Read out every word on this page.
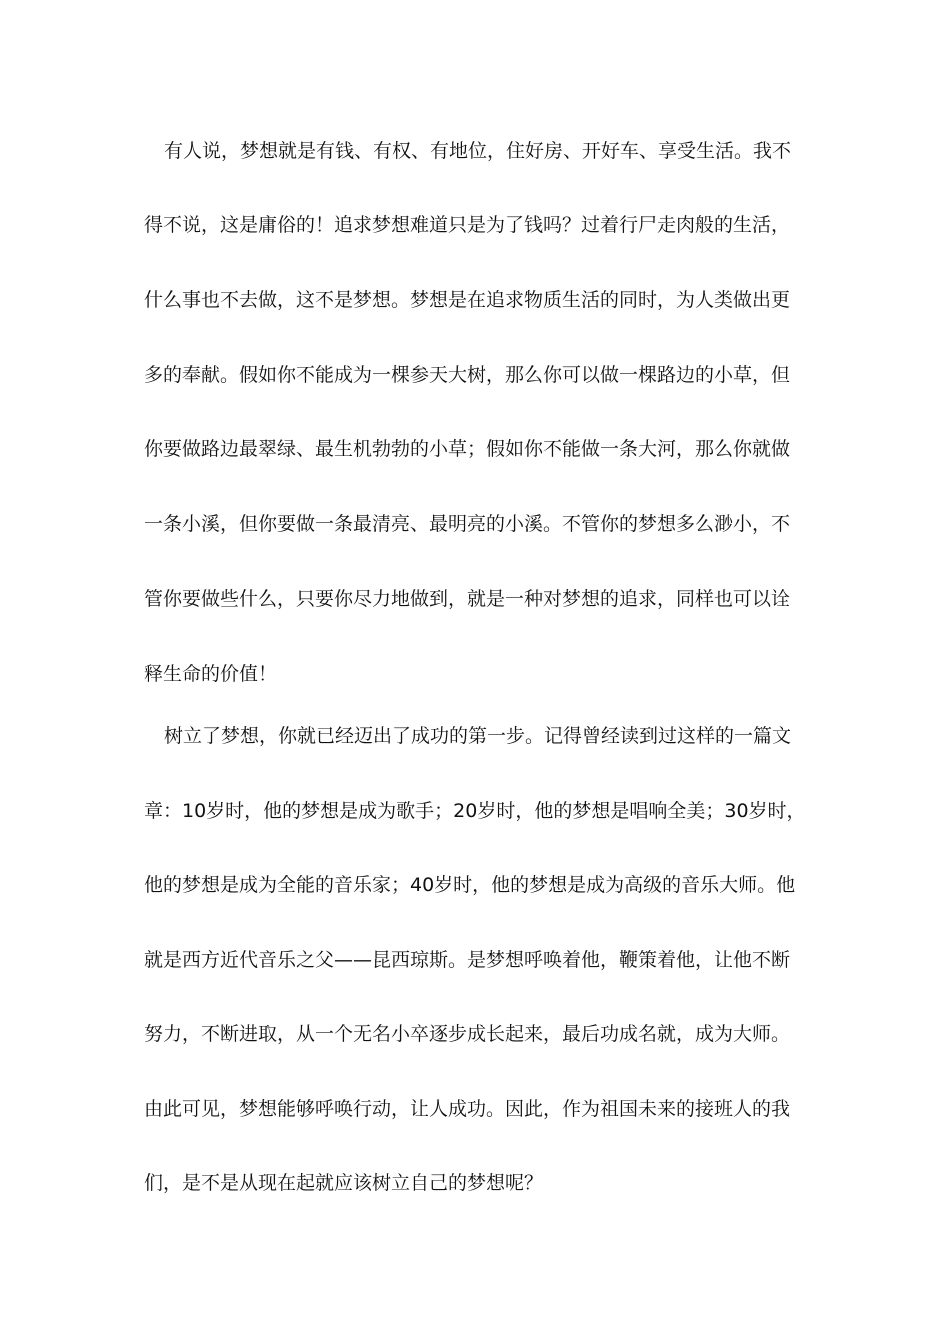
有人说，梦想就是有钱、有权、有地位，住好房、开好车、享受生活。我不
得不说，这是庸俗的！追求梦想难道只是为了钱吗？过着行尸走肉般的生活，
什么事也不去做，这不是梦想。梦想是在追求物质生活的同时，为人类做出更
多的奉献。假如你不能成为一棵参天大树，那么你可以做一棵路边的小草，但
你要做路边最翠绿、最生机勃勃的小草；假如你不能做一条大河，那么你就做
一条小溪，但你要做一条最清亮、最明亮的小溪。不管你的梦想多么渺小，不
管你要做些什么，只要你尽力地做到，就是一种对梦想的追求，同样也可以诠
释生命的价值！
树立了梦想，你就已经迈出了成功的第一步。记得曾经读到过这样的一篇文
章：10岁时，他的梦想是成为歌手；20岁时，他的梦想是唱响全美；30岁时，
他的梦想是成为全能的音乐家；40岁时，他的梦想是成为高级的音乐大师。他
就是西方近代音乐之父——昆西琼斯。是梦想呼唤着他，鞭策着他，让他不断
努力，不断进取，从一个无名小卒逐步成长起来，最后功成名就，成为大师。
由此可见，梦想能够呼唤行动，让人成功。因此，作为祖国未来的接班人的我
们，是不是从现在起就应该树立自己的梦想呢？
